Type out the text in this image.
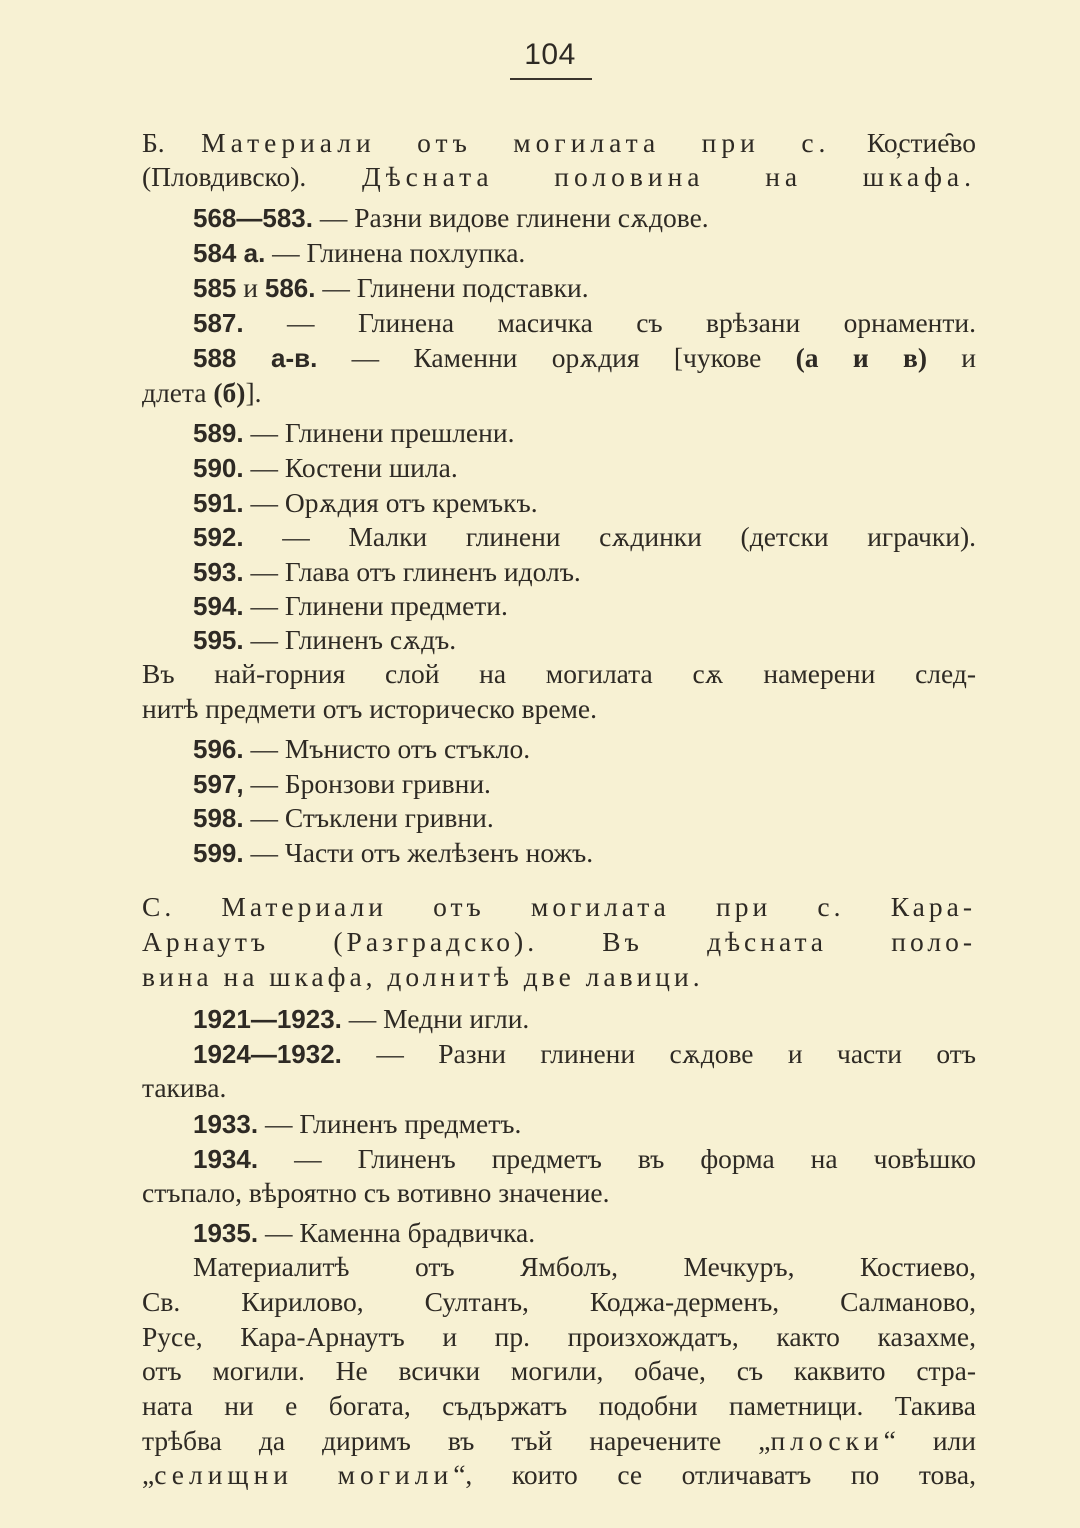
104
Б. Материали отъ могилата при с. Ко̦стие̑во
(Пловдивско). Дѣсната половина на шкафа.
568—583. — Разни видове глинени сѫдове.
584 а. — Глинена похлупка.
585 и 586. — Глинени подставки.
587. — Глинена масичка съ врѣзани орнаменти.
588 а-в. — Каменни орѫдия [чукове (а и в) и
длета (б)].
589. — Глинени прешлени.
590. — Костени шила.
591. — Орѫдия отъ кремъкъ.
592. — Малки глинени сѫдинки (детски играчки).
593. — Глава отъ глиненъ идолъ.
594. — Глинени предмети.
595. — Глиненъ сѫдъ.
Въ най-горния слой на могилата сѫ намерени след-
нитѣ предмети отъ историческо време.
596. — Мънисто отъ стъкло.
597, — Бронзови гривни.
598. — Стъклени гривни.
599. — Части отъ желѣзенъ ножъ.
С. Материали отъ могилата при с. Кара-
Арнаутъ (Разградско). Въ дѣсната поло-
вина на шкафа, долнитѣ две лавици.
1921—1923. — Медни игли.
1924—1932. — Разни глинени сѫдове и части отъ
такива.
1933. — Глиненъ предметъ.
1934. — Глиненъ предметъ въ форма на човѣшко
стъпало, вѣроятно съ вотивно значение.
1935. — Каменна брадвичка.
Материалитѣ отъ Ямболъ, Мечкуръ, Костиево,
Св. Кирилово, Султанъ, Коджа-дерменъ, Салманово,
Русе, Кара-Арнаутъ и пр. произхождатъ, както казахме,
отъ могили. Не всички могили, обаче, съ каквито стра-
ната ни е богата, съдържатъ подобни паметници. Такива
трѣбва да диримъ въ тъй наречените „плоски“ или
„селищни могили“, които се отличаватъ по това,
